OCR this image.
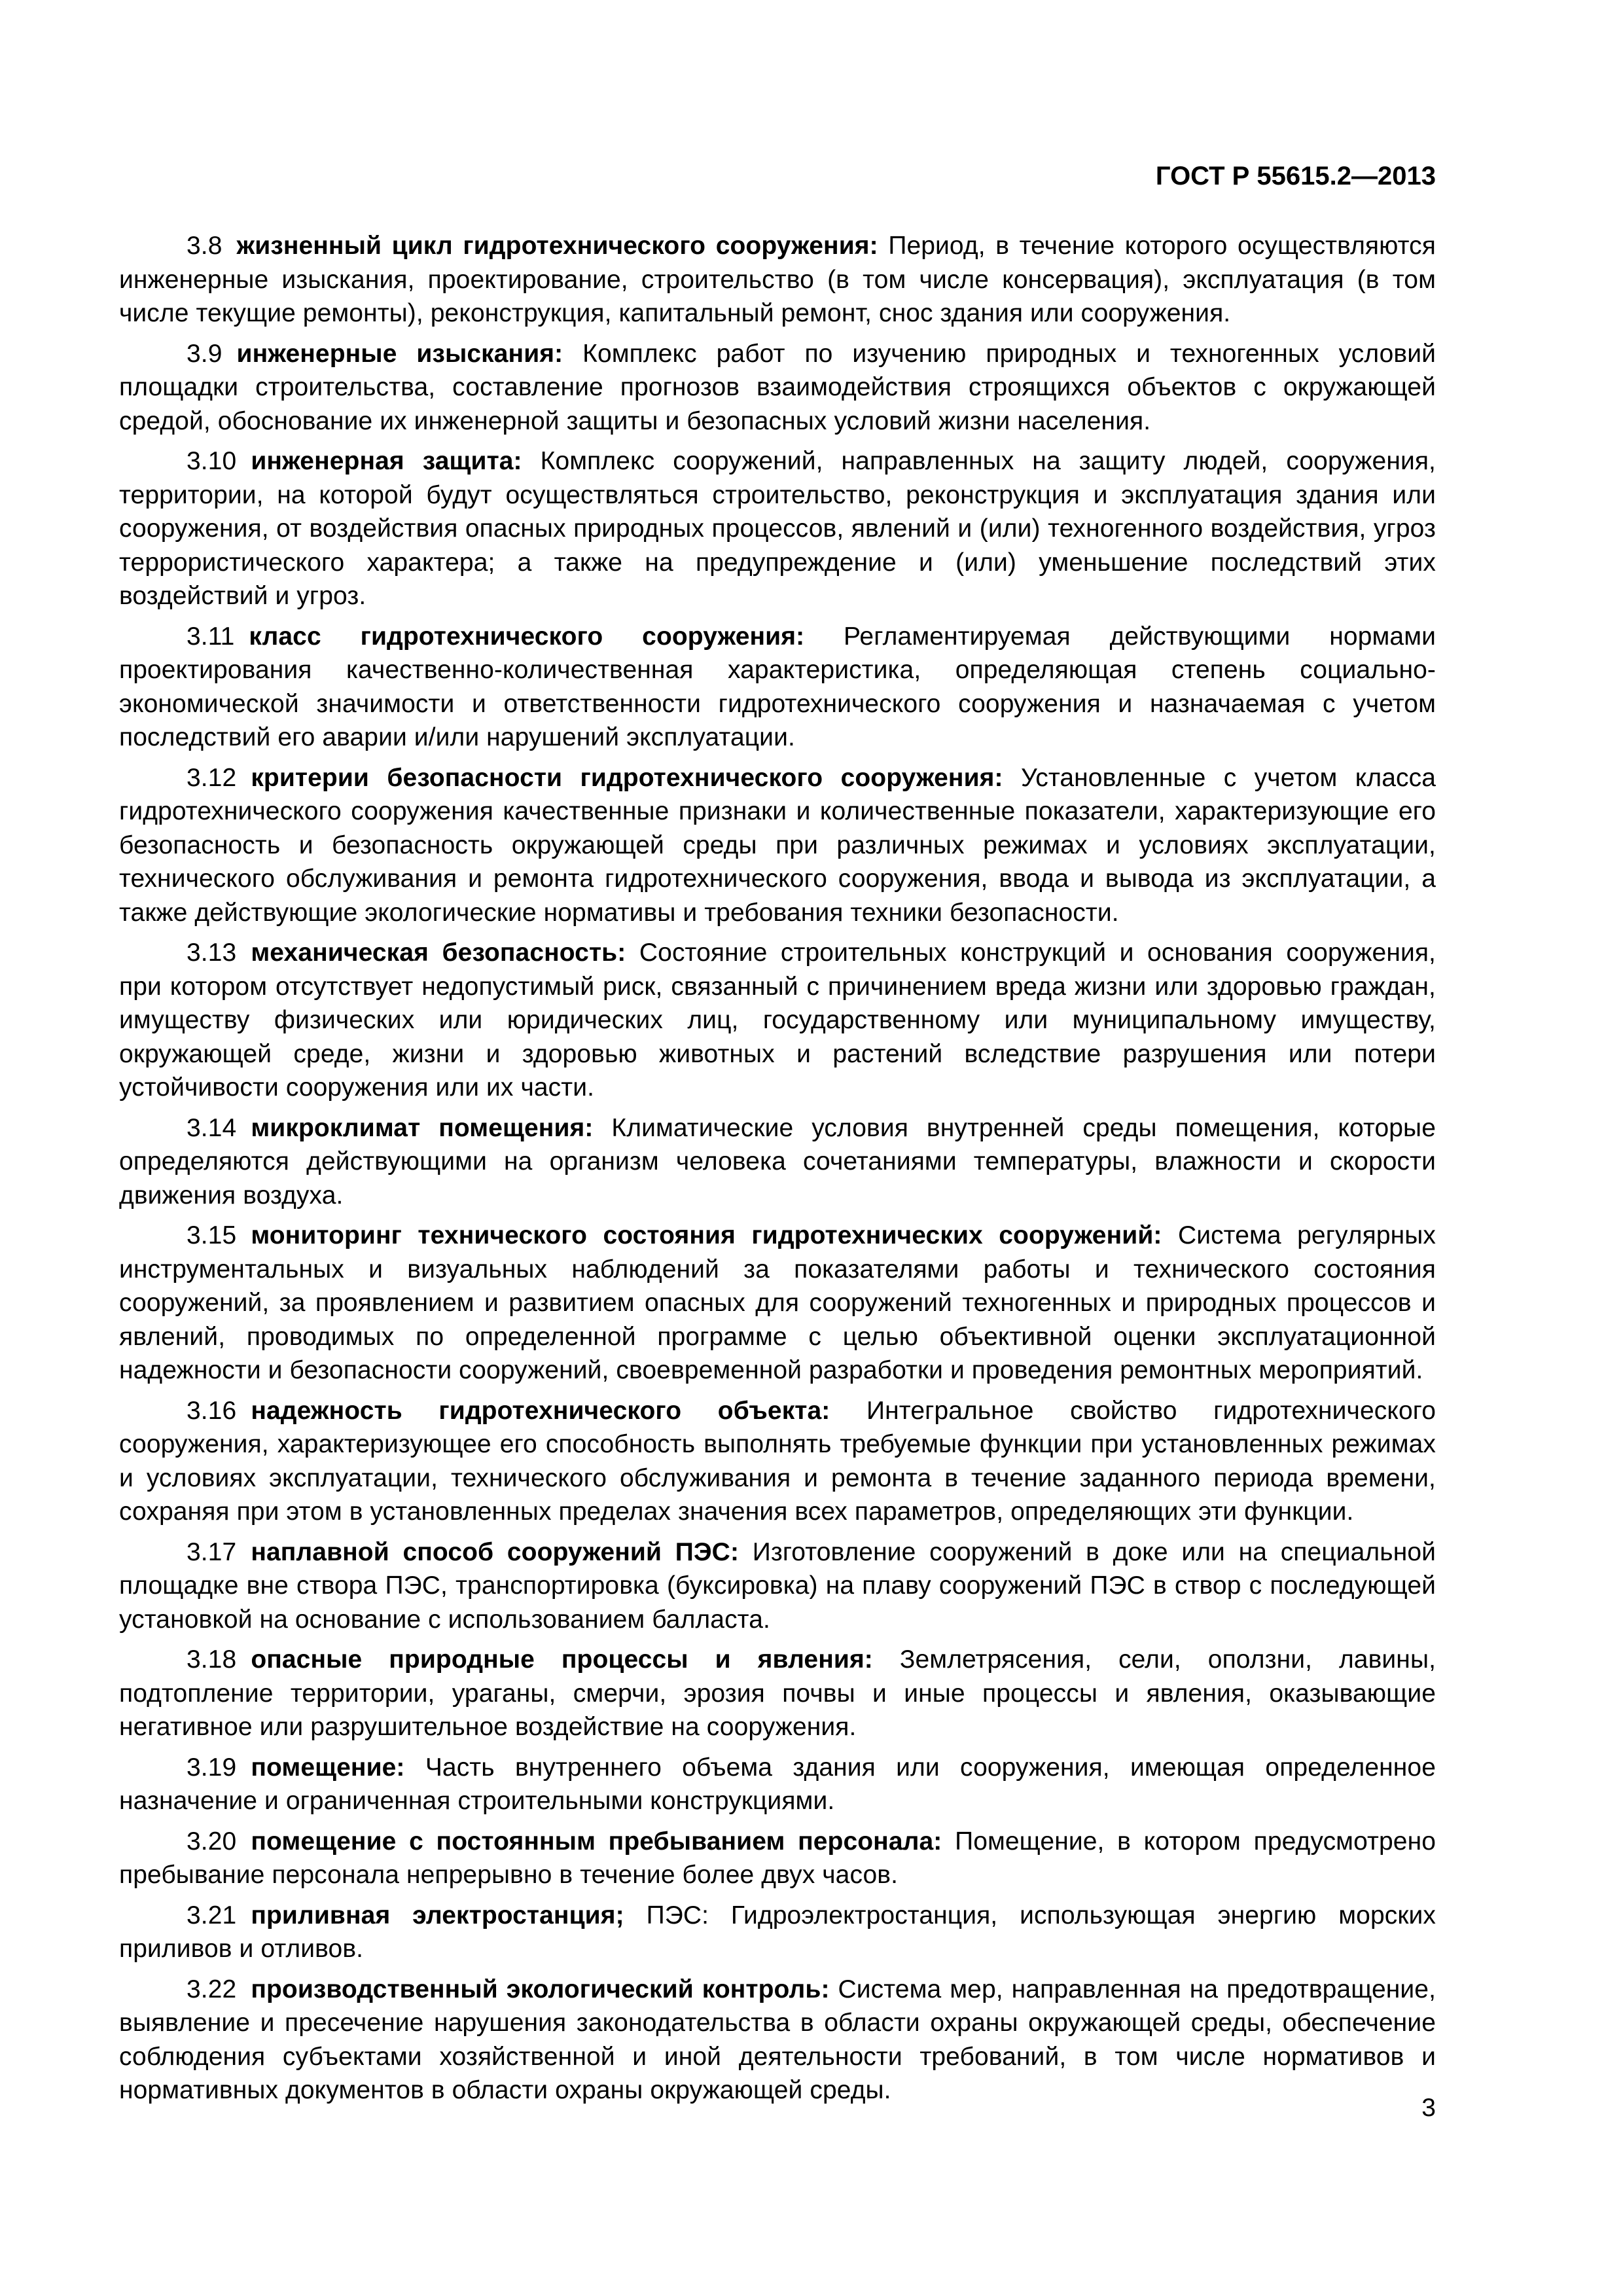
ГОСТ Р 55615.2—2013

3.8 жизненный цикл гидротехнического сооружения: Период, в течение которого осуществляются инженерные изыскания, проектирование, строительство (в том числе консервация), эксплуатация (в том числе текущие ремонты), реконструкция, капитальный ремонт, снос здания или сооружения.

3.9 инженерные изыскания: Комплекс работ по изучению природных и техногенных условий площадки строительства, составление прогнозов взаимодействия строящихся объектов с окружающей средой, обоснование их инженерной защиты и безопасных условий жизни населения.

3.10 инженерная защита: Комплекс сооружений, направленных на защиту людей, сооружения, территории, на которой будут осуществляться строительство, реконструкция и эксплуатация здания или сооружения, от воздействия опасных природных процессов, явлений и (или) техногенного воздействия, угроз террористического характера; а также на предупреждение и (или) уменьшение последствий этих воздействий и угроз.

3.11 класс гидротехнического сооружения: Регламентируемая действующими нормами проектирования качественно-количественная характеристика, определяющая степень социально-экономической значимости и ответственности гидротехнического сооружения и назначаемая с учетом последствий его аварии и/или нарушений эксплуатации.

3.12 критерии безопасности гидротехнического сооружения: Установленные с учетом класса гидротехнического сооружения качественные признаки и количественные показатели, характеризующие его безопасность и безопасность окружающей среды при различных режимах и условиях эксплуатации, технического обслуживания и ремонта гидротехнического сооружения, ввода и вывода из эксплуатации, а также действующие экологические нормативы и требования техники безопасности.

3.13 механическая безопасность: Состояние строительных конструкций и основания сооружения, при котором отсутствует недопустимый риск, связанный с причинением вреда жизни или здоровью граждан, имуществу физических или юридических лиц, государственному или муниципальному имуществу, окружающей среде, жизни и здоровью животных и растений вследствие разрушения или потери устойчивости сооружения или их части.

3.14 микроклимат помещения: Климатические условия внутренней среды помещения, которые определяются действующими на организм человека сочетаниями температуры, влажности и скорости движения воздуха.

3.15 мониторинг технического состояния гидротехнических сооружений: Система регулярных инструментальных и визуальных наблюдений за показателями работы и технического состояния сооружений, за проявлением и развитием опасных для сооружений техногенных и природных процессов и явлений, проводимых по определенной программе с целью объективной оценки эксплуатационной надежности и безопасности сооружений, своевременной разработки и проведения ремонтных мероприятий.

3.16 надежность гидротехнического объекта: Интегральное свойство гидротехнического сооружения, характеризующее его способность выполнять требуемые функции при установленных режимах и условиях эксплуатации, технического обслуживания и ремонта в течение заданного периода времени, сохраняя при этом в установленных пределах значения всех параметров, определяющих эти функции.

3.17 наплавной способ сооружений ПЭС: Изготовление сооружений в доке или на специальной площадке вне створа ПЭС, транспортировка (буксировка) на плаву сооружений ПЭС в створ с последующей установкой на основание с использованием балласта.

3.18 опасные природные процессы и явления: Землетрясения, сели, оползни, лавины, подтопление территории, ураганы, смерчи, эрозия почвы и иные процессы и явления, оказывающие негативное или разрушительное воздействие на сооружения.

3.19 помещение: Часть внутреннего объема здания или сооружения, имеющая определенное назначение и ограниченная строительными конструкциями.

3.20 помещение с постоянным пребыванием персонала: Помещение, в котором предусмотрено пребывание персонала непрерывно в течение более двух часов.

3.21 приливная электростанция; ПЭС: Гидроэлектростанция, использующая энергию морских приливов и отливов.

3.22 производственный экологический контроль: Система мер, направленная на предотвращение, выявление и пресечение нарушения законодательства в области охраны окружающей среды, обеспечение соблюдения субъектами хозяйственной и иной деятельности требований, в том числе нормативов и нормативных документов в области охраны окружающей среды.

3
